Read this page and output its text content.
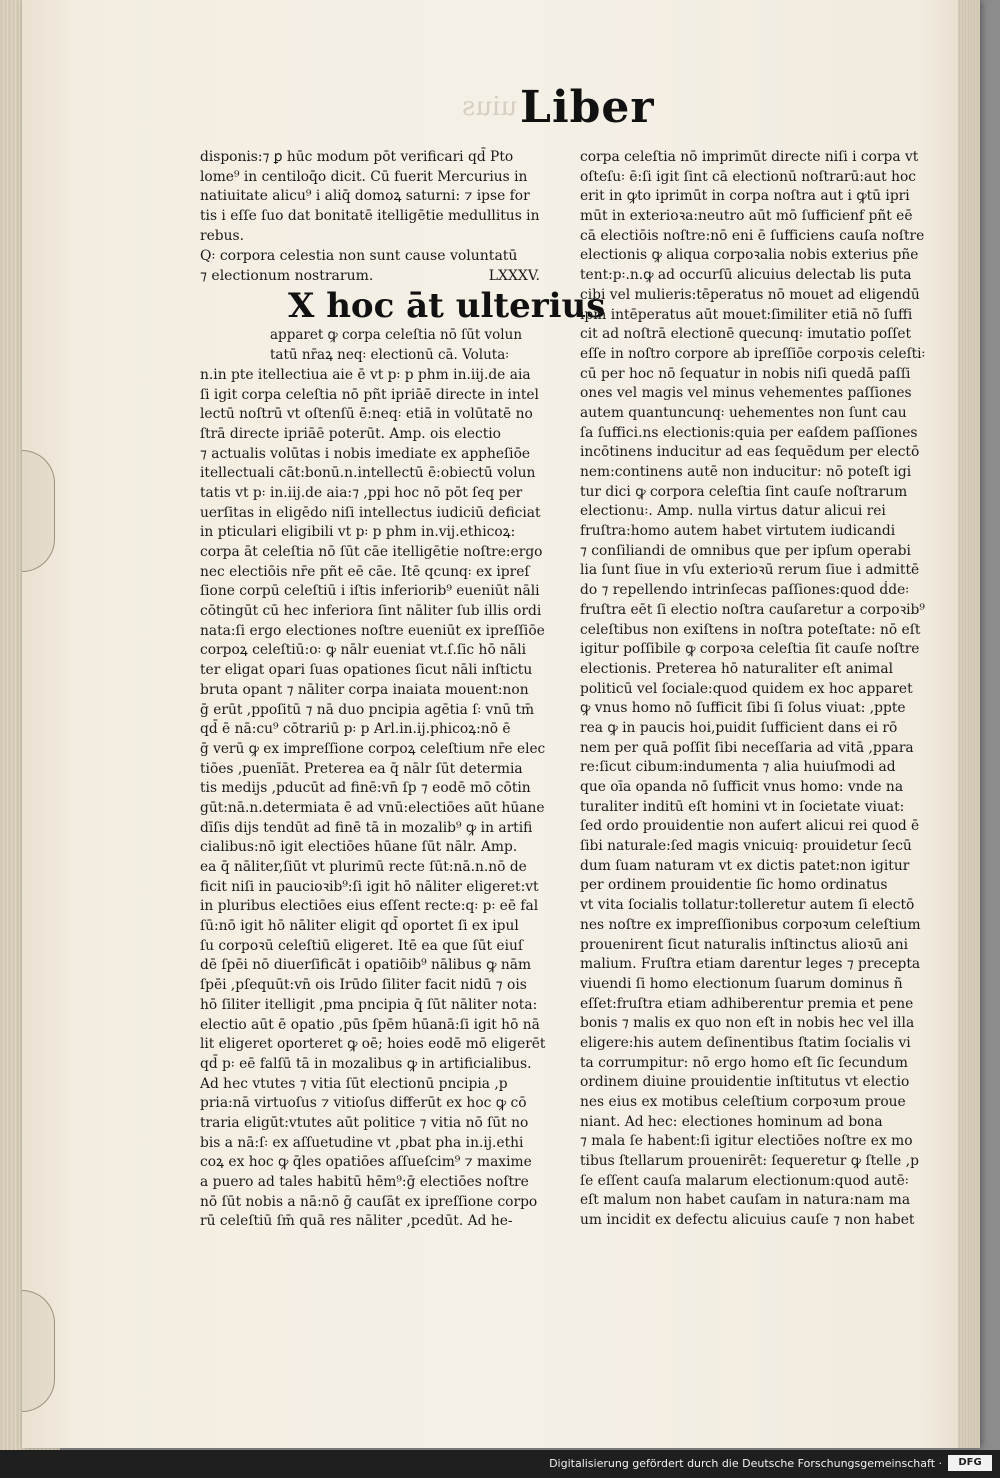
uius Liber
disponis:⁊ ꝑ hūc modum pōt verificari qd̄ Pto
lome⁹ in centiloq̄o dicit. Cū fuerit Mercurius in
natiuitate alicu⁹ i aliq̄ domoꝝ saturni: ⁊ ipse for
tis i eſſe ſuo dat bonitatē itelligētie medullitus in
rebus.
Q꞉ corpora celestia non sunt cause voluntatū
⁊ electionum nostrarum.	LXXXV.
X hoc āt ulterius
apparet ꝙ corpa celeſtia nō ſūt volun
tatū nr̄aꝝ neq꞉ electionū cā. Voluta꞉
n.in pte itellectiua aie ē vt p꞉ p phm in.iij.de aia
ſi igit corpa celeſtia nō pñt ipriāē directe in intel
lectū noſtrū vt oſtenſū ē:neq꞉ etiā in volūtatē no
ſtrā directe ipriāē poterūt. Amp. ois electio
⁊ actualis volūtas i nobis imediate ex appheſiōe
itellectuali cāt:bonū.n.intellectū ē:obiectū volun
tatis vt p꞉ in.iij.de aia:⁊ ,ppi hoc nō pōt ſeq per
uerſitas in eligēdo niſi intellectus iudiciū deficiat
in pticulari eligibili vt p꞉ p phm in.vij.ethicoꝝ:
corpa āt celeſtia nō ſūt cāe itelligētie noſtre:ergo
nec electiōis nr̄e pñt eē cāe. Itē qcunq꞉ ex ipreſ
ſione corpū celeſtiū i iſtis inferiorib⁹ eueniūt nāli
cōtingūt cū hec inferiora ſint nāliter ſub illis ordi
nata:ſi ergo electiones noſtre eueniūt ex ipreſſiōe
corpoꝝ celeſtiū:o꞉ ꝙ nālr eueniat vt.ſ.ſic hō nāli
ter eligat opari ſuas opationes ſicut nāli inſtictu
bruta opant ⁊ nāliter corpa inaiata mouent:non
ḡ erūt ,ppoſitū ⁊ nā duo pncipia agētia ſ꞉ vnū tm̄
qd̄ ē nā:cu⁹ cōtrariū p꞉ p Arl.in.ij.phicoꝝ:nō ē
ḡ verū ꝙ ex impreſſione corpoꝝ celeſtium nr̄e elec
tiōes ,puenīāt. Preterea ea q̄ nālr ſūt determia
tis medijs ,pducūt ad finē:vn̄ ſp ⁊ eodē mō cōtin
gūt:nā.n.determiata ē ad vnū:electiōes aūt hūane
dīſis dijs tendūt ad finē tā in mozalib⁹ ꝙ in artifi
cialibus:nō igit electiōes hūane ſūt nālr. Amp.
ea q̄ nāliter,ſiūt vt plurimū recte ſūt:nā.n.nō de
ficit niſi in paucioꝛib⁹:ſi igit hō nāliter eligeret:vt
in pluribus electiōes eius eſſent recte:q꞉ p꞉ eē fal
ſū:nō igit hō nāliter eligit qd̄ oportet ſi ex ipul
ſu corpoꝛū celeſtiū eligeret. Itē ea que ſūt eiuſ
dē ſpēi nō diuerſificāt i opatiōib⁹ nālibus ꝙ nām
ſpēi ,pſequūt:vn̄ ois Irūdo ſiliter facit nidū ⁊ ois
hō ſiliter itelligit ,pma pncipia q̄ ſūt nāliter nota:
electio aūt ē opatio ,pūs ſpēm hūanā:ſi igit hō nā
lit eligeret oporteret ꝙ oē; hoies eodē mō eligerēt
qd̄ p꞉ eē falſū tā in mozalibus ꝙ in artificialibus.
Ad hec vtutes ⁊ vitia ſūt electionū pncipia ,p
pria:nā virtuoſus ⁊ vitioſus differūt ex hoc ꝙ cō
traria eligūt:vtutes aūt politice ⁊ vitia nō ſūt no
bis a nā:ſ꞉ ex aſſuetudine vt ,pbat pha in.ij.ethi
coꝝ ex hoc ꝙ q̄les opatiōes aſſueſcim⁹ ⁊ maxime
a puero ad tales habitū hēm⁹:ḡ electiōes noſtre
nō ſūt nobis a nā:nō ḡ cauſāt ex ipreſſione corpo
rū celeſtiū ſm̄ quā res nāliter ,pcedūt. Ad he-
corpa celeſtia nō imprimūt directe niſi i corpa vt
oſteſu꞉ ē:ſi igit ſint cā electionū noſtrarū:aut hoc
erit in ꝙto iprimūt in corpa noſtra aut i ꝙtū ipri
mūt in exterioꝛa:neutro aūt mō ſufficienf pñt eē
cā electiōis noſtre:nō eni ē ſufficiens cauſa noſtre
electionis ꝙ aliqua corpoꝛalia nobis exterius pñe
tent:p꞉.n.ꝙ ad occurſū alicuius delectab lis puta
cibi vel mulieris:tēperatus nō mouet ad eligendū
ipm intēperatus aūt mouet:ſimiliter etiā nō ſuffi
cit ad noſtrā electionē quecunq꞉ imutatio poſſet
eſſe in noſtro corpore ab ipreſſiōe corpoꝛis celeſti꞉
cū per hoc nō ſequatur in nobis niſi quedā paſſi
ones vel magis vel minus vehementes paſſiones
autem quantuncunq꞉ uehementes non ſunt cau
ſa ſuffici.ns electionis:quia per eaſdem paſſiones
incōtinens inducitur ad eas ſequēdum per electō
nem:continens autē non inducitur: nō poteſt igi
tur dici ꝙ corpora celeſtia ſint cauſe noſtrarum
electionu꞉. Amp. nulla virtus datur alicui rei
fruſtra:homo autem habet virtutem iudicandi
⁊ conſiliandi de omnibus que per ipſum operabi
lia ſunt ſiue in vſu exterioꝛū rerum ſiue i admittē
do ⁊ repellendo intrinſecas paſſiones:quod ḋde꞉
fruſtra eēt ſi electio noſtra cauſaretur a corpoꝛib⁹
celeſtibus non exiſtens in noſtra poteſtate: nō eſt
igitur poſſibile ꝙ corpoꝛa celeſtia ſit cauſe noſtre
electionis. Preterea hō naturaliter eſt animal
politicū vel ſociale:quod quidem ex hoc apparet
ꝙ vnus homo nō ſufficit ſibi ſi ſolus viuat: ,ppte
rea ꝙ in paucis hoi,puidit ſufficient dans ei rō
nem per quā poſſit ſibi neceſſaria ad vitā ,ppara
re:ſicut cibum:indumenta ⁊ alia huiuſmodi ad
que oīa opanda nō ſufficit vnus homo: vnde na
turaliter inditū eſt homini vt in ſocietate viuat:
ſed ordo prouidentie non aufert alicui rei quod ē
ſibi naturale:ſed magis vnicuiq꞉ prouidetur ſecū
dum ſuam naturam vt ex dictis patet:non igitur
per ordinem prouidentie ſic homo ordinatus
vt vita ſocialis tollatur:tolleretur autem ſi electō
nes noſtre ex impreſſionibus corpoꝛum celeſtium
prouenirent ſicut naturalis inſtinctus alioꝛū ani
malium. Fruſtra etiam darentur leges ⁊ precepta
viuendi ſi homo electionum ſuarum dominus ñ
eſſet:fruſtra etiam adhiberentur premia et pene
bonis ⁊ malis ex quo non eſt in nobis hec vel illa
eligere:his autem deſinentibus ſtatim ſocialis vi
ta corrumpitur: nō ergo homo eſt ſic ſecundum
ordinem diuine prouidentie inſtitutus vt electio
nes eius ex motibus celeſtium corpoꝛum proue
niant. Ad hec: electiones hominum ad bona
⁊ mala ſe habent:ſi igitur electiōes noſtre ex mo
tibus ſtellarum prouenirēt: ſequeretur ꝙ ſtelle ,p
ſe eſſent cauſa malarum electionum:quod autē꞉
eſt malum non habet cauſam in natura:nam ma
um incidit ex defectu alicuius cauſe ⁊ non habet
Digitalisierung gefördert durch die Deutsche Forschungsgemeinschaft ·	DFG
